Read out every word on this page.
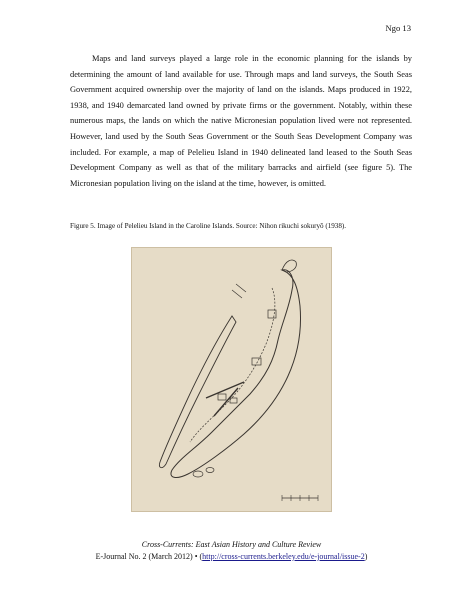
Ngo 13

Maps and land surveys played a large role in the economic planning for the islands by determining the amount of land available for use. Through maps and land surveys, the South Seas Government acquired ownership over the majority of land on the islands. Maps produced in 1922, 1938, and 1940 demarcated land owned by private firms or the government. Notably, within these numerous maps, the lands on which the native Micronesian population lived were not represented. However, land used by the South Seas Government or the South Seas Development Company was included. For example, a map of Pelelieu Island in 1940 delineated land leased to the South Seas Development Company as well as that of the military barracks and airfield (see figure 5). The Micronesian population living on the island at the time, however, is omitted.

Figure 5. Image of Pelelieu Island in the Caroline Islands. Source: Nihon rikuchi sokuryō (1938).

Cross-Currents: East Asian History and Culture Review
E-Journal No. 2 (March 2012) • (http://cross-currents.berkeley.edu/e-journal/issue-2)
